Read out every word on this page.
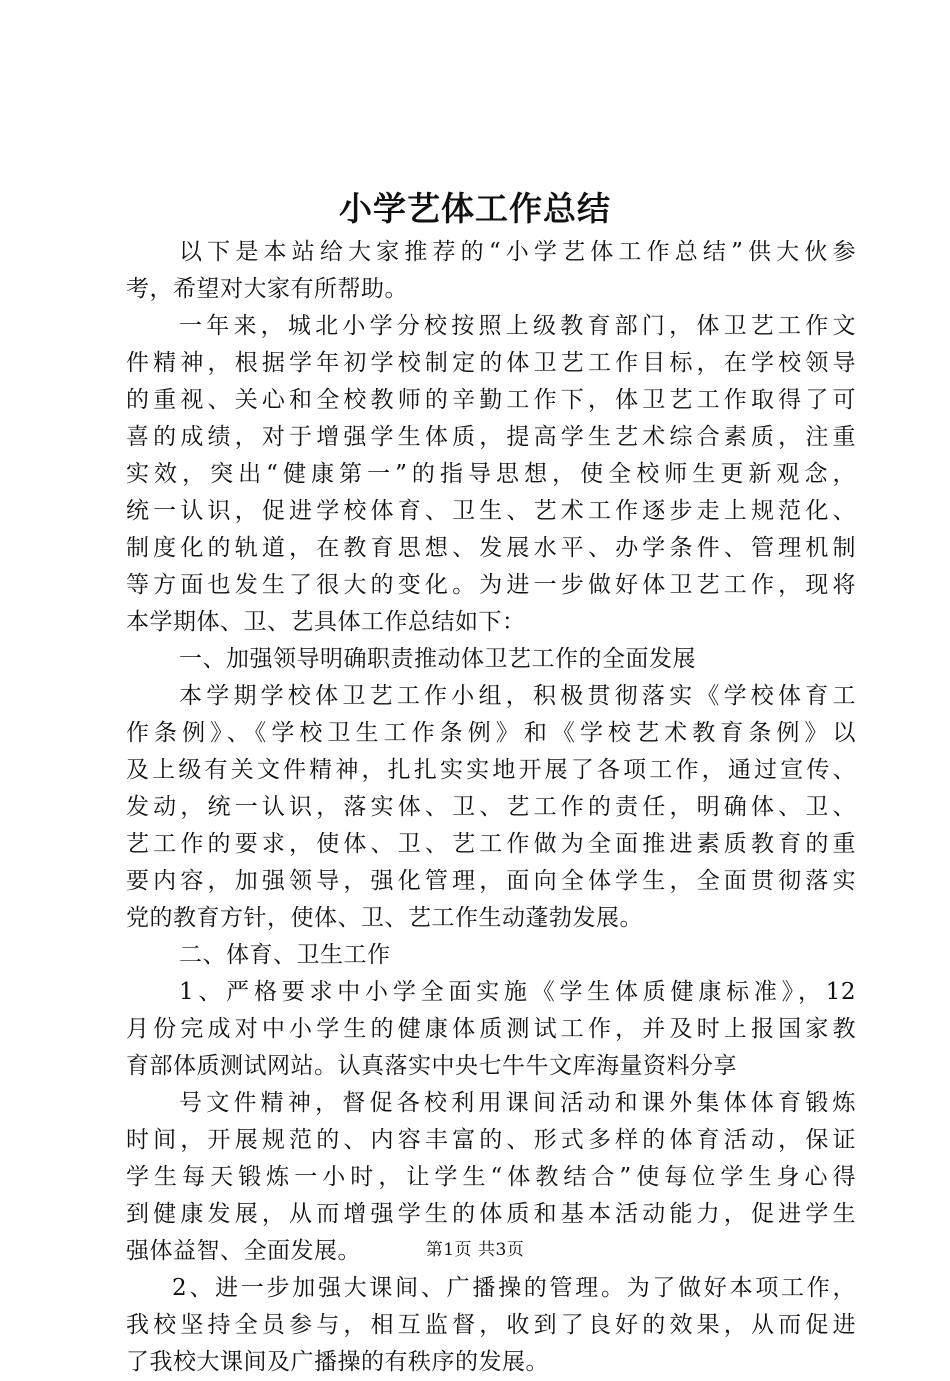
小学艺体工作总结
以下是本站给大家推荐的“小学艺体工作总结”供大伙参
考，希望对大家有所帮助。
一年来，城北小学分校按照上级教育部门，体卫艺工作文
件精神，根据学年初学校制定的体卫艺工作目标，在学校领导
的重视、关心和全校教师的辛勤工作下，体卫艺工作取得了可
喜的成绩，对于增强学生体质，提高学生艺术综合素质，注重
实效，突出“健康第一”的指导思想，使全校师生更新观念，
统一认识，促进学校体育、卫生、艺术工作逐步走上规范化、
制度化的轨道，在教育思想、发展水平、办学条件、管理机制
等方面也发生了很大的变化。为进一步做好体卫艺工作，现将
本学期体、卫、艺具体工作总结如下：
一、加强领导明确职责推动体卫艺工作的全面发展
本学期学校体卫艺工作小组，积极贯彻落实《学校体育工
作条例》、《学校卫生工作条例》和《学校艺术教育条例》以
及上级有关文件精神，扎扎实实地开展了各项工作，通过宣传、
发动，统一认识，落实体、卫、艺工作的责任，明确体、卫、
艺工作的要求，使体、卫、艺工作做为全面推进素质教育的重
要内容，加强领导，强化管理，面向全体学生，全面贯彻落实
党的教育方针，使体、卫、艺工作生动蓬勃发展。
二、体育、卫生工作
1、严格要求中小学全面实施《学生体质健康标准》，12
月份完成对中小学生的健康体质测试工作，并及时上报国家教
育部体质测试网站。认真落实中央七牛牛文库海量资料分享
号文件精神，督促各校利用课间活动和课外集体体育锻炼
时间，开展规范的、内容丰富的、形式多样的体育活动，保证
学生每天锻炼一小时，让学生“体教结合”使每位学生身心得
到健康发展，从而增强学生的体质和基本活动能力，促进学生
强体益智、全面发展。
2、进一步加强大课间、广播操的管理。为了做好本项工作，
我校坚持全员参与，相互监督，收到了良好的效果，从而促进
了我校大课间及广播操的有秩序的发展。
第1页 共3页
